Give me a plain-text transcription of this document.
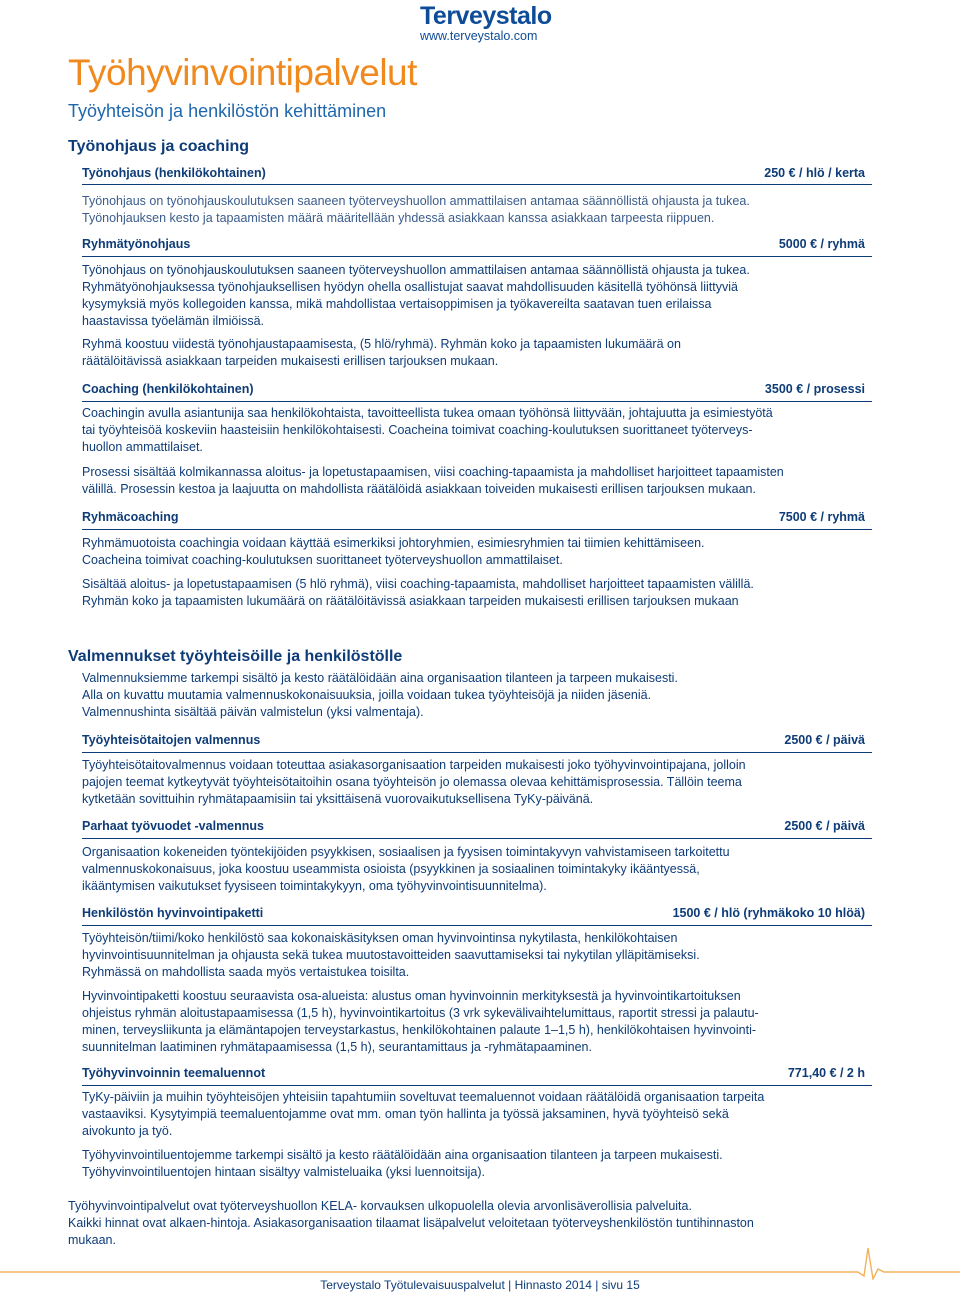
Terveystalo
www.terveystalo.com
Työhyvinvointipalvelut
Työyhteisön ja henkilöstön kehittäminen
Työnohjaus ja coaching
Työnohjaus (henkilökohtainen)	250 € / hlö / kerta
Työnohjaus on työnohjauskoulutuksen saaneen työterveyshuollon ammattilaisen antamaa säännöllistä ohjausta ja tukea.
Työnohjauksen kesto ja tapaamisten määrä määritellään yhdessä asiakkaan kanssa asiakkaan tarpeesta riippuen.
Ryhmätyönohjaus	5000 € / ryhmä
Työnohjaus on työnohjauskoulutuksen saaneen työterveyshuollon ammattilaisen antamaa säännöllistä ohjausta ja tukea.
Ryhmätyönohjauksessa työnohjauksellisen hyödyn ohella osallistujat saavat mahdollisuuden käsitellä työhönsä liittyviä
kysymyksiä myös kollegoiden kanssa, mikä mahdollistaa vertaisoppimisen ja työkavereilta saatavan tuen erilaissa
haastavissa työelämän ilmiöissä.
Ryhmä koostuu viidestä työnohjaustapaamisesta, (5 hlö/ryhmä). Ryhmän koko ja tapaamisten lukumäärä on
räätälöitävissä asiakkaan tarpeiden mukaisesti erillisen tarjouksen mukaan.
Coaching (henkilökohtainen)	3500 € / prosessi
Coachingin avulla asiantunija saa henkilökohtaista, tavoitteellista tukea omaan työhönsä liittyvään, johtajuutta ja esimiestyötä
tai työyhteisöä koskeviin haasteisiin henkilökohtaisesti. Coacheina toimivat coaching-koulutuksen suorittaneet työterveys-
huollon ammattilaiset.
Prosessi sisältää kolmikannassa aloitus- ja lopetustapaamisen, viisi coaching-tapaamista ja mahdolliset harjoitteet tapaamisten
välillä. Prosessin kestoa ja laajuutta on mahdollista räätälöidä asiakkaan toiveiden mukaisesti erillisen tarjouksen mukaan.
Ryhmäcoaching	7500 € / ryhmä
Ryhmämuotoista coachingia voidaan käyttää esimerkiksi johtoryhmien, esimiesryhmien tai tiimien kehittämiseen.
Coacheina toimivat coaching-koulutuksen suorittaneet työterveyshuollon ammattilaiset.
Sisältää aloitus- ja lopetustapaamisen (5 hlö ryhmä), viisi coaching-tapaamista, mahdolliset harjoitteet tapaamisten välillä.
Ryhmän koko ja tapaamisten lukumäärä on räätälöitävissä asiakkaan tarpeiden mukaisesti erillisen tarjouksen mukaan
Valmennukset työyhteisöille ja henkilöstölle
Valmennuksiemme tarkempi sisältö ja kesto räätälöidään aina organisaation tilanteen ja tarpeen mukaisesti.
Alla on kuvattu muutamia valmennuskokonaisuuksia, joilla voidaan tukea työyhteisöjä ja niiden jäseniä.
Valmennushinta sisältää päivän valmistelun (yksi valmentaja).
Työyhteisötaitojen valmennus	2500 € / päivä
Työyhteisötaitovalmennus voidaan toteuttaa asiakasorganisaation tarpeiden mukaisesti joko työhyvinvointipajana, jolloin
pajojen teemat kytkeytyvät työyhteisötaitoihin osana työyhteisön jo olemassa olevaa kehittämisprosessia. Tällöin teema
kytketään sovittuihin ryhmätapaamisiin tai yksittäisenä vuorovaikutuksellisena TyKy-päivänä.
Parhaat työvuodet -valmennus	2500 € / päivä
Organisaation kokeneiden työntekijöiden psyykkisen, sosiaalisen ja fyysisen toimintakyvyn vahvistamiseen tarkoitettu
valmennuskokonaisuus, joka koostuu useammista osioista (psyykkinen ja sosiaalinen toimintakyky ikääntyessä,
ikääntymisen vaikutukset fyysiseen toimintakykyyn, oma työhyvinvointisuunnitelma).
Henkilöstön hyvinvointipaketti	1500 € / hlö (ryhmäkoko 10 hlöä)
Työyhteisön/tiimi/koko henkilöstö saa kokonaiskäsityksen oman hyvinvointinsa nykytilasta, henkilökohtaisen
hyvinvointisuunnitelman ja ohjausta sekä tukea muutostavoitteiden saavuttamiseksi tai nykytilan ylläpitämiseksi.
Ryhmässä on mahdollista saada myös vertaistukea toisilta.
Hyvinvointipaketti koostuu seuraavista osa-alueista: alustus oman hyvinvoinnin merkityksestä ja hyvinvointikartoituksen
ohjeistus ryhmän aloitustapaamisessa (1,5 h), hyvinvointikartoitus (3 vrk sykevälivaihtelumittaus, raportit stressi ja palautu-
minen, terveysliikunta ja elämäntapojen terveystarkastus, henkilökohtainen palaute 1–1,5 h), henkilökohtaisen hyvinvointi-
suunnitelman laatiminen ryhmätapaamisessa (1,5 h), seurantamittaus ja -ryhmätapaaminen.
Työhyvinvoinnin teemaluennot	771,40 € / 2 h
TyKy-päiviin ja muihin työyhteisöjen yhteisiin tapahtumiin soveltuvat teemaluennot voidaan räätälöidä organisaation tarpeita
vastaaviksi. Kysytyimpiä teemaluentojamme ovat mm. oman työn hallinta ja työssä jaksaminen, hyvä työyhteisö sekä
aivokunto ja työ.
Työhyvinvointiluentojemme tarkempi sisältö ja kesto räätälöidään aina organisaation tilanteen ja tarpeen mukaisesti.
Työhyvinvointiluentojen hintaan sisältyy valmisteluaika (yksi luennoitsija).
Työhyvinvointipalvelut ovat työterveyshuollon KELA- korvauksen ulkopuolella olevia arvonlisäverollisia palveluita.
Kaikki hinnat ovat alkaen-hintoja. Asiakasorganisaation tilaamat lisäpalvelut veloitetaan työterveyshenkilöstön tuntihinnaston
mukaan.
Terveystalo Työtulevaisuuspalvelut | Hinnasto 2014 | sivu 15
